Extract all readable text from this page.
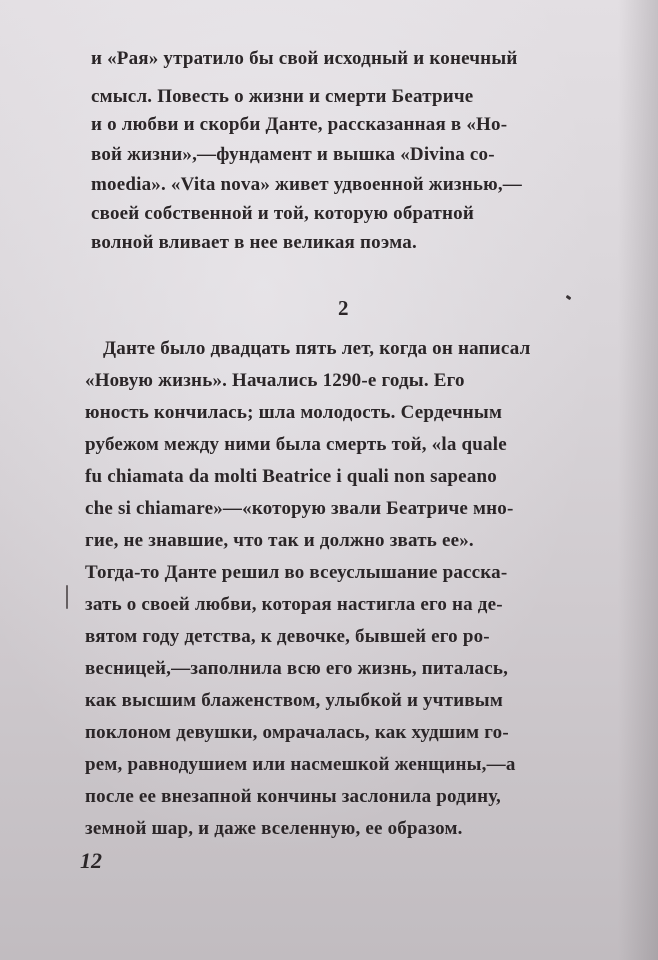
и «Рая» утратило бы свой исходный и конечный
смысл. Повесть о жизни и смерти Беатриче
и о любви и скорби Данте, рассказанная в «Но-
вой жизни»,—фундамент и вышка «Divina co-
moedia». «Vita nova» живет удвоенной жизнью,—
своей собственной и той, которую обратной
волной вливает в нее великая поэма.
2
Данте было двадцать пять лет, когда он написал
«Новую жизнь». Начались 1290-е годы. Его
юность кончилась; шла молодость. Сердечным
рубежом между ними была смерть той, «la quale
fu chiamata da molti Beatrice i quali non sapeano
che si chiamare»—«которую звали Беатриче мно-
гие, не знавшие, что так и должно звать ее».
Тогда-то Данте решил во всеуслышание расска-
зать о своей любви, которая настигла его на де-
вятом году детства, к девочке, бывшей его ро-
весницей,—заполнила всю его жизнь, питалась,
как высшим блаженством, улыбкой и учтивым
поклоном девушки, омрачалась, как худшим го-
рем, равнодушием или насмешкой женщины,—а
после ее внезапной кончины заслонила родину,
земной шар, и даже вселенную, ее образом.
12
